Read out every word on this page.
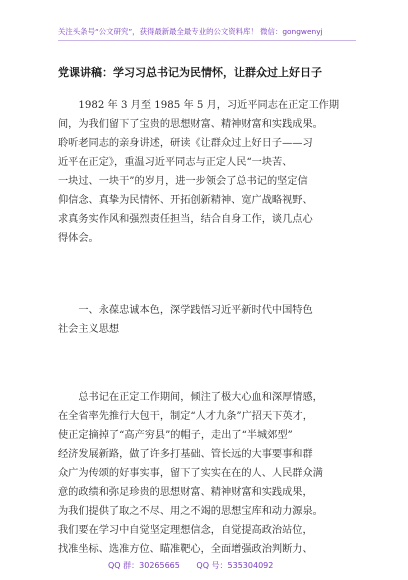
关注头条号“公文研究”，获得最新最全最专业的公文资料库！ 微信：gongwenyj
党课讲稿：学习习总书记为民情怀，让群众过上好日子
　　1982 年 3 月至 1985 年 5 月，习近平同志在正定工作期
间，为我们留下了宝贵的思想财富、精神财富和实践成果。
聆听老同志的亲身讲述，研读《让群众过上好日子——习
近平在正定》，重温习近平同志与正定人民“一块苦、
一块过、一块干”的岁月，进一步领会了总书记的坚定信
仰信念、真挚为民情怀、开拓创新精神、宽广战略视野、
求真务实作风和强烈责任担当，结合自身工作，谈几点心
得体会。
　　一、永葆忠诚本色，深学践悟习近平新时代中国特色
社会主义思想
　　总书记在正定工作期间，倾注了极大心血和深厚情感，
在全省率先推行大包干，制定“人才九条”广招天下英才，
使正定摘掉了“高产穷县”的帽子，走出了“半城郊型”
经济发展新路，做了许多打基础、管长远的大事要事和群
众广为传颂的好事实事，留下了实实在在的人、人民群众满
意的政绩和弥足珍贵的思想财富、精神财富和实践成果，
为我们提供了取之不尽、用之不竭的思想宝库和动力源泉。
我们要在学习中自觉坚定理想信念，自觉提高政治站位，
找准坐标、选准方位、瞄准靶心，全面增强政治判断力、
QQ 群：30265665 QQ 号：535304092
